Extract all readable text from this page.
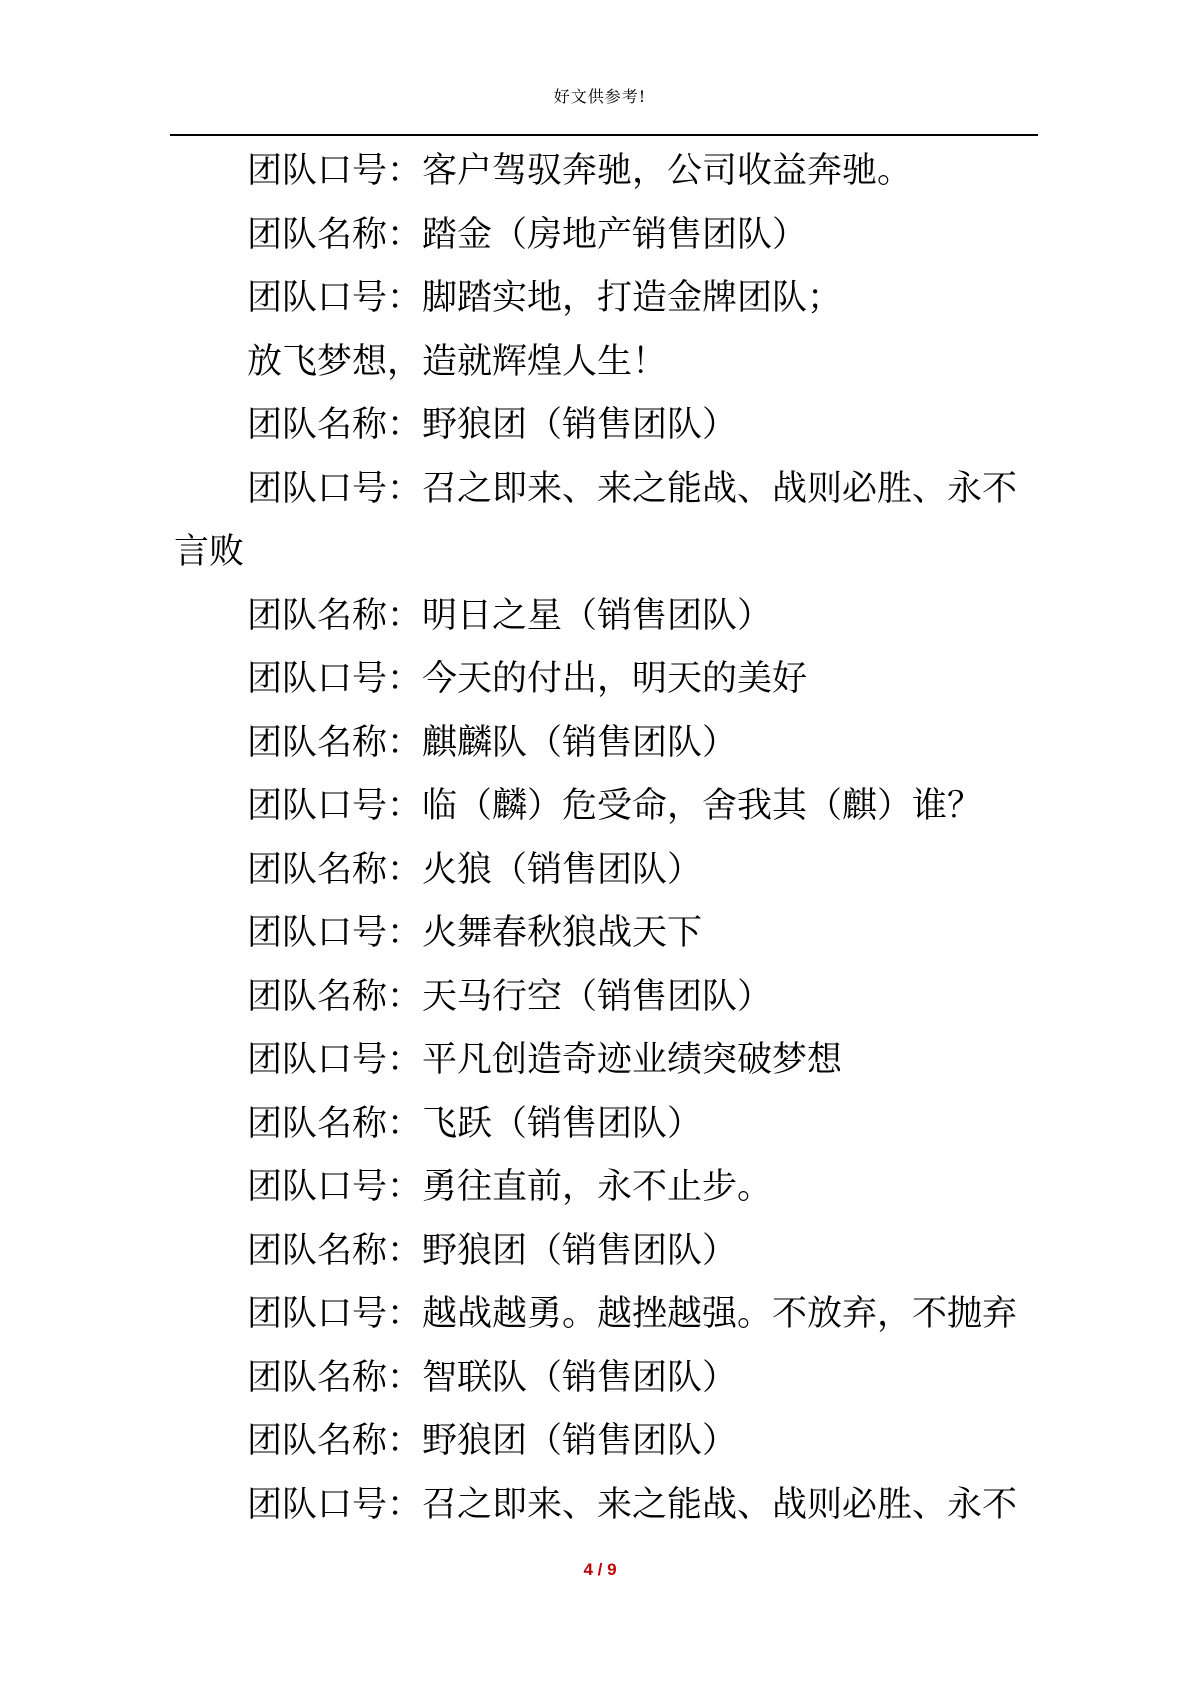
好文供参考!

团队口号：客户驾驭奔驰，公司收益奔驰。

团队名称：踏金（房地产销售团队）

团队口号：脚踏实地，打造金牌团队；

放飞梦想，造就辉煌人生！

团队名称：野狼团（销售团队）

团队口号：召之即来、来之能战、战则必胜、永不言败

团队名称：明日之星（销售团队）

团队口号：今天的付出，明天的美好

团队名称：麒麟队（销售团队）

团队口号：临（麟）危受命，舍我其（麒）谁？

团队名称：火狼（销售团队）

团队口号：火舞春秋狼战天下

团队名称：天马行空（销售团队）

团队口号：平凡创造奇迹业绩突破梦想

团队名称：飞跃（销售团队）

团队口号：勇往直前，永不止步。

团队名称：野狼团（销售团队）

团队口号：越战越勇。越挫越强。不放弃，不抛弃

团队名称：智联队（销售团队）

团队名称：野狼团（销售团队）

团队口号：召之即来、来之能战、战则必胜、永不

4 / 9
